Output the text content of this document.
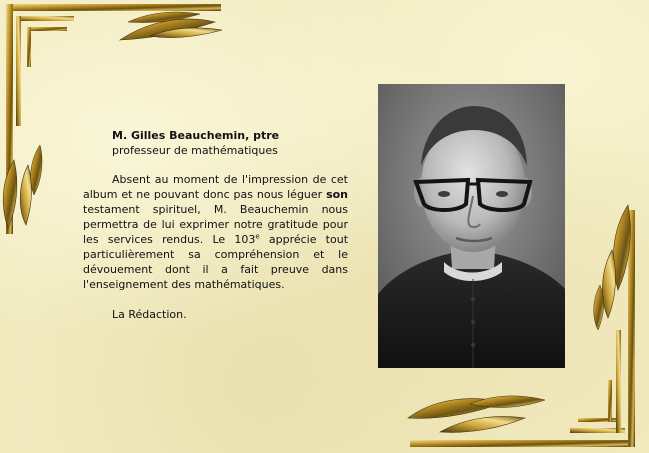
M. Gilles Beauchemin, ptre
professeur de mathématiques
Absent au moment de l'impression de cet album et ne pouvant donc pas nous léguer son testament spirituel, M. Beauchemin nous permettra de lui exprimer notre gratitude pour les services rendus. Le 103e apprécie tout particulièrement sa compréhension et le dévouement dont il a fait preuve dans l'enseignement des mathématiques.
La Rédaction.
